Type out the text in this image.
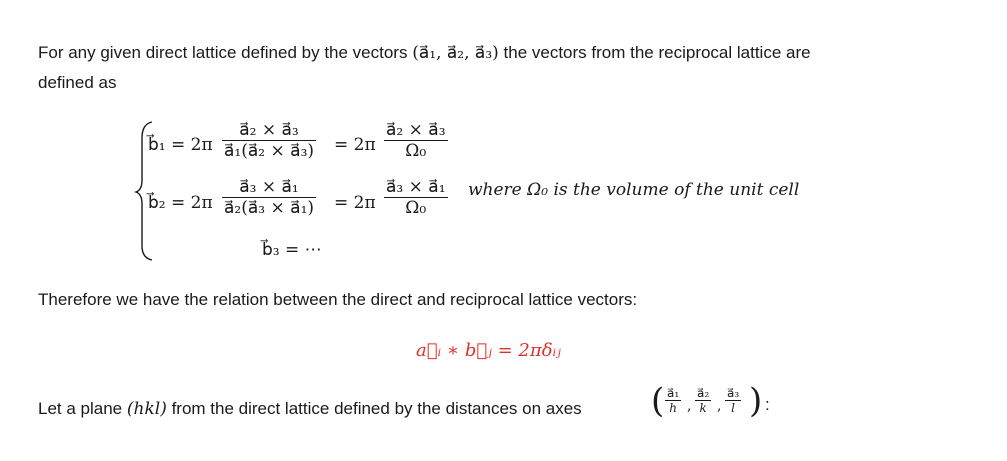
For any given direct lattice defined by the vectors (a⃗₁, a⃗₂, a⃗₃) the vectors from the reciprocal lattice are
defined as
b⃗₁ = $2\pi \frac{\text{a⃗₂ × a⃗₃}}{\text{a⃗₁(a⃗₂ × a⃗₃)}} = 2\pi \frac{\text{a⃗₂ × a⃗₃}}{\text{Ω₀}}$
b⃗₂ = $2\pi \frac{\text{a⃗₃ × a⃗₁}}{\text{a⃗₂(a⃗₃ × a⃗₁)}} = 2\pi \frac{\text{a⃗₃ × a⃗₁}}{\text{Ω₀}}$ where Ω₀ is the volume of the unit cell
b⃗₃ = ⋯
Therefore we have the relation between the direct and reciprocal lattice vectors:
a⃗ᵢ ∗ b⃗ⱼ = 2πδᵢⱼ
Let a plane (hkl) from the direct lattice defined by the distances on axes ( $\frac{\text{a⃗₁}}{h}$ , $\frac{\text{a⃗₂}}{k}$ , $\frac{\text{a⃗₃}}{l}$ ) :
